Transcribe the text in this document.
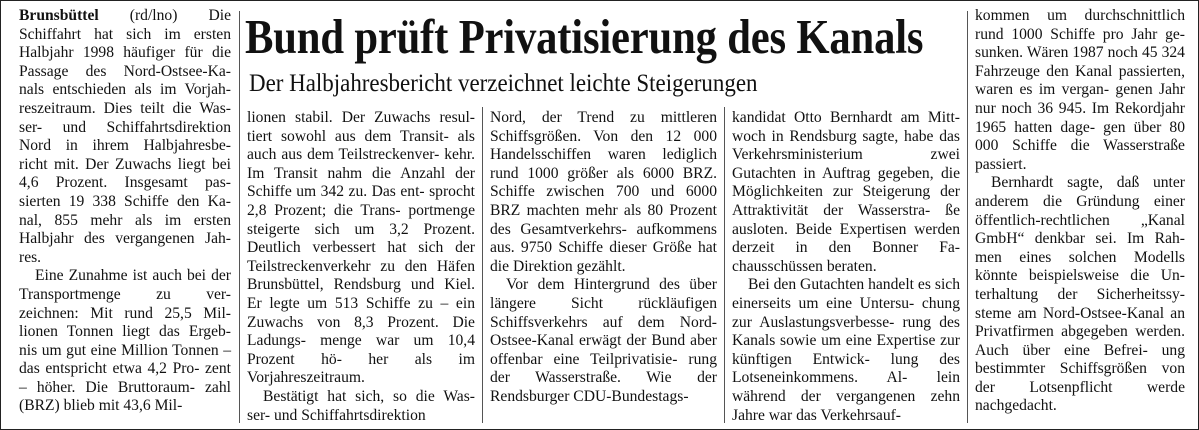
Brunsbüttel (rd/lno) Die Schiffahrt hat sich im ersten Halbjahr 1998 häufiger für die Passage des Nord-Ostsee-Ka- nals entschieden als im Vorjah- reszeitraum. Dies teilt die Was- ser- und Schiffahrtsdirektion Nord in ihrem Halbjahresbe- richt mit. Der Zuwachs liegt bei 4,6 Prozent. Insgesamt pas- sierten 19 338 Schiffe den Ka- nal, 855 mehr als im ersten Halbjahr des vergangenen Jah- res.

Eine Zunahme ist auch bei der Transportmenge zu ver- zeichnen: Mit rund 25,5 Mil- lionen Tonnen liegt das Ergeb- nis um gut eine Million Tonnen – das entspricht etwa 4,2 Pro- zent – höher. Die Bruttoraum- zahl (BRZ) blieb mit 43,6 Mil-

Bund prüft Privatisierung des Kanals
Der Halbjahresbericht verzeichnet leichte Steigerungen

lionen stabil. Der Zuwachs resul- tiert sowohl aus dem Transit- als auch aus dem Teilstreckenver- kehr. Im Transit nahm die Anzahl der Schiffe um 342 zu. Das ent- sprocht 2,8 Prozent; die Trans- portmenge steigerte sich um 3,2 Prozent. Deutlich verbessert hat sich der Teilstreckenverkehr zu den Häfen Brunsbüttel, Rendsburg und Kiel. Er legte um 513 Schiffe zu – ein Zuwachs von 8,3 Prozent. Die Ladungs- menge war um 10,4 Prozent hö- her als im Vorjahreszeitraum.

Bestätigt hat sich, so die Was- ser- und Schiffahrtsdirektion

Nord, der Trend zu mittleren Schiffsgrößen. Von den 12 000 Handelsschiffen waren lediglich rund 1000 größer als 6000 BRZ. Schiffe zwischen 700 und 6000 BRZ machten mehr als 80 Prozent des Gesamtverkehrs- aufkommens aus. 9750 Schiffe dieser Größe hat die Direktion gezählt.

Vor dem Hintergrund des über längere Sicht rückläufigen Schiffsverkehrs auf dem Nord- Ostsee-Kanal erwägt der Bund aber offenbar eine Teilprivatisie- rung der Wasserstraße. Wie der Rendsburger CDU-Bundestags-

kandidat Otto Bernhardt am Mitt- woch in Rendsburg sagte, habe das Verkehrsministerium zwei Gutachten in Auftrag gegeben, die Möglichkeiten zur Steigerung der Attraktivität der Wasserstra- ße ausloten. Beide Expertisen werden derzeit in den Bonner Fa- chausschüssen beraten.

Bei den Gutachten handelt es sich einerseits um eine Untersu- chung zur Auslastungsverbesse- rung des Kanals sowie um eine Expertise zur künftigen Entwick- lung des Lotseneinkommens. Al- lein während der vergangenen zehn Jahre war das Verkehrsauf-

kommen um durchschnittlich rund 1000 Schiffe pro Jahr ge- sunken. Wären 1987 noch 45 324 Fahrzeuge den Kanal passierten, waren es im vergan- genen Jahr nur noch 36 945. Im Rekordjahr 1965 hatten dage- gen über 80 000 Schiffe die Wasserstraße passiert.

Bernhardt sagte, daß unter anderem die Gründung einer öffentlich-rechtlichen „Kanal GmbH“ denkbar sei. Im Rah- men eines solchen Modells könnte beispielsweise die Un- terhaltung der Sicherheitssy- steme am Nord-Ostsee-Kanal an Privatfirmen abgegeben werden. Auch über eine Befrei- ung bestimmter Schiffsgrößen von der Lotsenpflicht werde nachgedacht.
